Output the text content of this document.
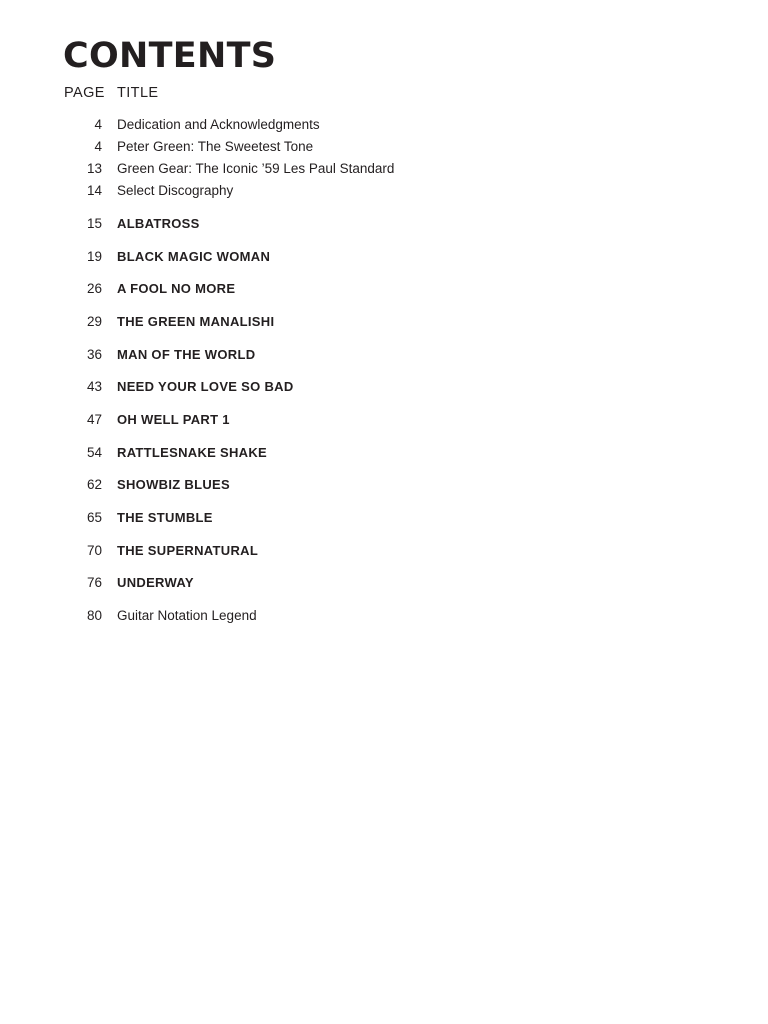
CONTENTS
PAGE TITLE
4 Dedication and Acknowledgments
4 Peter Green: The Sweetest Tone
13 Green Gear: The Iconic ’59 Les Paul Standard
14 Select Discography
15 ALBATROSS
19 BLACK MAGIC WOMAN
26 A FOOL NO MORE
29 THE GREEN MANALISHI
36 MAN OF THE WORLD
43 NEED YOUR LOVE SO BAD
47 OH WELL PART 1
54 RATTLESNAKE SHAKE
62 SHOWBIZ BLUES
65 THE STUMBLE
70 THE SUPERNATURAL
76 UNDERWAY
80 Guitar Notation Legend
